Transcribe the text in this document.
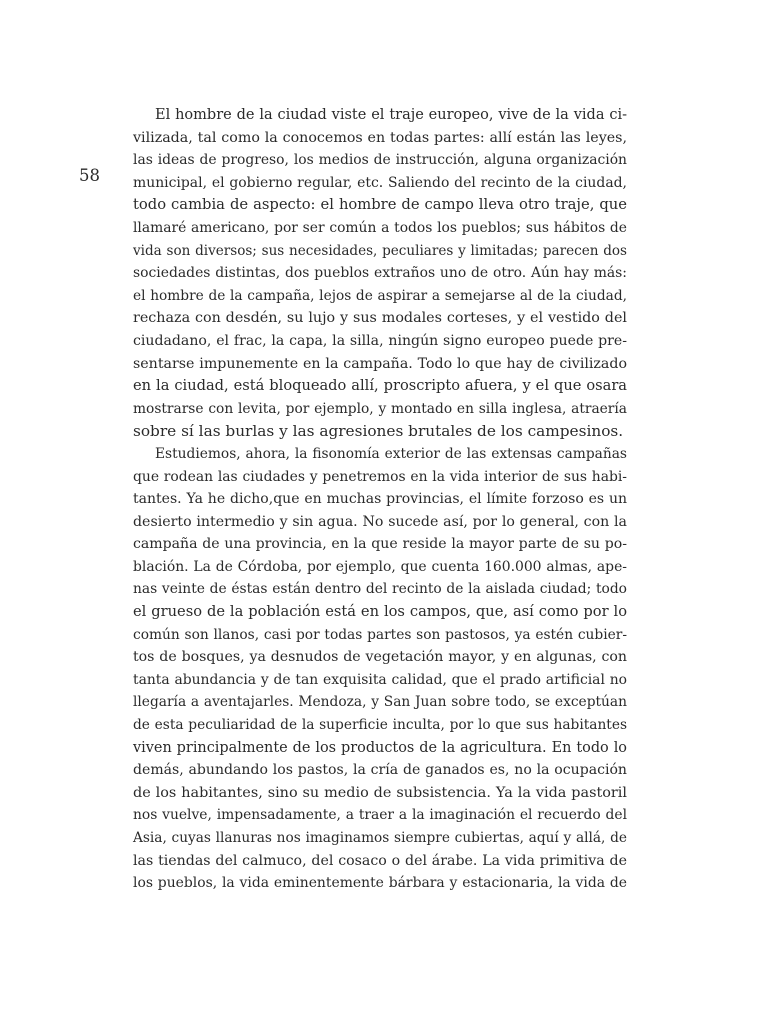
58
El hombre de la ciudad viste el traje europeo, vive de la vida ci-
vilizada, tal como la conocemos en todas partes: allí están las leyes,
las ideas de progreso, los medios de instrucción, alguna organización
municipal, el gobierno regular, etc. Saliendo del recinto de la ciudad,
todo cambia de aspecto: el hombre de campo lleva otro traje, que
llamaré americano, por ser común a todos los pueblos; sus hábitos de
vida son diversos; sus necesidades, peculiares y limitadas; parecen dos
sociedades distintas, dos pueblos extraños uno de otro. Aún hay más:
el hombre de la campaña, lejos de aspirar a semejarse al de la ciudad,
rechaza con desdén, su lujo y sus modales corteses, y el vestido del
ciudadano, el frac, la capa, la silla, ningún signo europeo puede pre-
sentarse impunemente en la campaña. Todo lo que hay de civilizado
en la ciudad, está bloqueado allí, proscripto afuera, y el que osara
mostrarse con levita, por ejemplo, y montado en silla inglesa, atraería
sobre sí las burlas y las agresiones brutales de los campesinos.
Estudiemos, ahora, la fisonomía exterior de las extensas campañas
que rodean las ciudades y penetremos en la vida interior de sus habi-
tantes. Ya he dicho,que en muchas provincias, el límite forzoso es un
desierto intermedio y sin agua. No sucede así, por lo general, con la
campaña de una provincia, en la que reside la mayor parte de su po-
blación. La de Córdoba, por ejemplo, que cuenta 160.000 almas, ape-
nas veinte de éstas están dentro del recinto de la aislada ciudad; todo
el grueso de la población está en los campos, que, así como por lo
común son llanos, casi por todas partes son pastosos, ya estén cubier-
tos de bosques, ya desnudos de vegetación mayor, y en algunas, con
tanta abundancia y de tan exquisita calidad, que el prado artificial no
llegaría a aventajarles. Mendoza, y San Juan sobre todo, se exceptúan
de esta peculiaridad de la superficie inculta, por lo que sus habitantes
viven principalmente de los productos de la agricultura. En todo lo
demás, abundando los pastos, la cría de ganados es, no la ocupación
de los habitantes, sino su medio de subsistencia. Ya la vida pastoril
nos vuelve, impensadamente, a traer a la imaginación el recuerdo del
Asia, cuyas llanuras nos imaginamos siempre cubiertas, aquí y allá, de
las tiendas del calmuco, del cosaco o del árabe. La vida primitiva de
los pueblos, la vida eminentemente bárbara y estacionaria, la vida de
